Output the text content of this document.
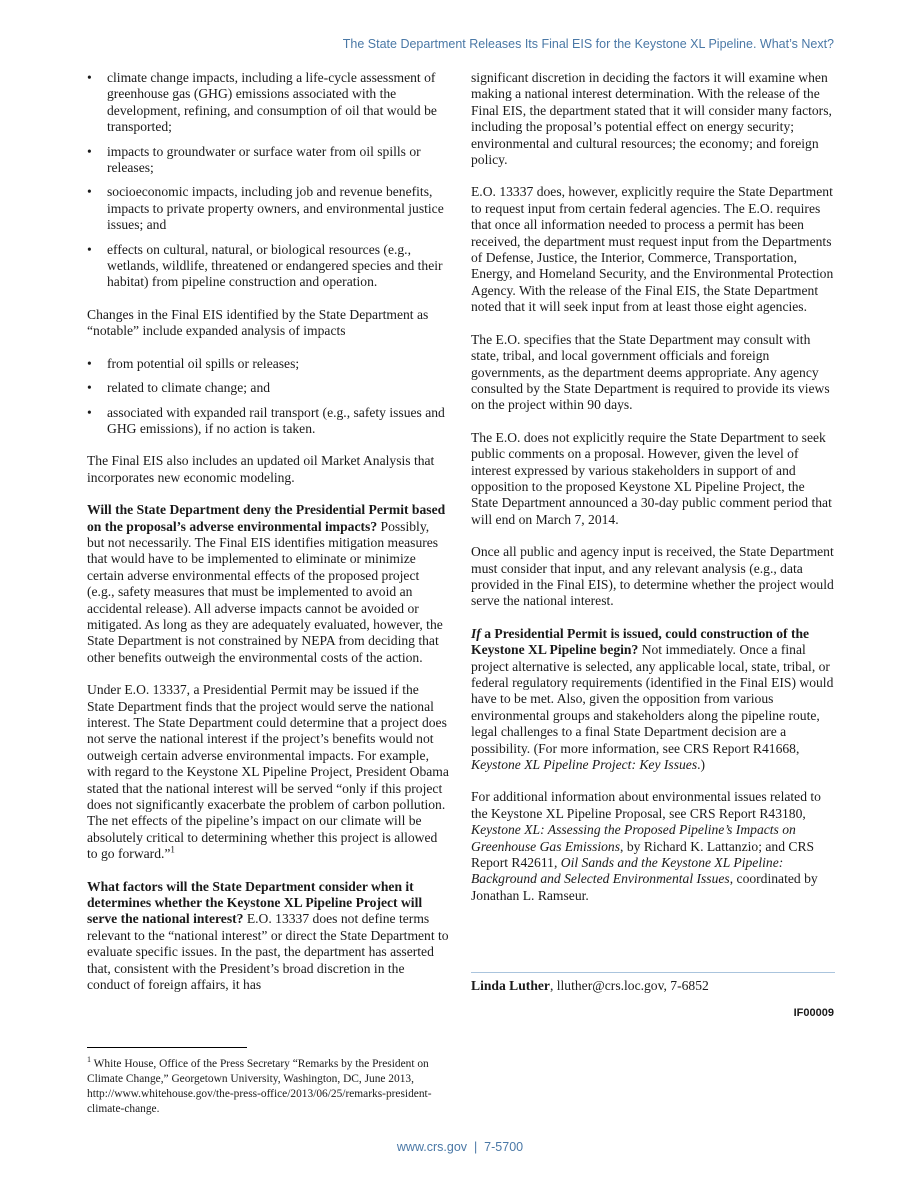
The State Department Releases Its Final EIS for the Keystone XL Pipeline. What’s Next?
• climate change impacts, including a life-cycle assessment of greenhouse gas (GHG) emissions associated with the development, refining, and consumption of oil that would be transported;
• impacts to groundwater or surface water from oil spills or releases;
• socioeconomic impacts, including job and revenue benefits, impacts to private property owners, and environmental justice issues; and
• effects on cultural, natural, or biological resources (e.g., wetlands, wildlife, threatened or endangered species and their habitat) from pipeline construction and operation.

Changes in the Final EIS identified by the State Department as “notable” include expanded analysis of impacts

• from potential oil spills or releases;
• related to climate change; and
• associated with expanded rail transport (e.g., safety issues and GHG emissions), if no action is taken.

The Final EIS also includes an updated oil Market Analysis that incorporates new economic modeling.

Will the State Department deny the Presidential Permit based on the proposal’s adverse environmental impacts? Possibly, but not necessarily. The Final EIS identifies mitigation measures that would have to be implemented to eliminate or minimize certain adverse environmental effects of the proposed project (e.g., safety measures that must be implemented to avoid an accidental release). All adverse impacts cannot be avoided or mitigated. As long as they are adequately evaluated, however, the State Department is not constrained by NEPA from deciding that other benefits outweigh the environmental costs of the action.

Under E.O. 13337, a Presidential Permit may be issued if the State Department finds that the project would serve the national interest. The State Department could determine that a project does not serve the national interest if the project’s benefits would not outweigh certain adverse environmental impacts. For example, with regard to the Keystone XL Pipeline Project, President Obama stated that the national interest will be served “only if this project does not significantly exacerbate the problem of carbon pollution. The net effects of the pipeline’s impact on our climate will be absolutely critical to determining whether this project is allowed to go forward.”$^1$

What factors will the State Department consider when it determines whether the Keystone XL Pipeline Project will serve the national interest? E.O. 13337 does not define terms relevant to the “national interest” or direct the State Department to evaluate specific issues. In the past, the department has asserted that, consistent with the President’s broad discretion in the conduct of foreign affairs, it has

significant discretion in deciding the factors it will examine when making a national interest determination. With the release of the Final EIS, the department stated that it will consider many factors, including the proposal’s potential effect on energy security; environmental and cultural resources; the economy; and foreign policy.

E.O. 13337 does, however, explicitly require the State Department to request input from certain federal agencies. The E.O. requires that once all information needed to process a permit has been received, the department must request input from the Departments of Defense, Justice, the Interior, Commerce, Transportation, Energy, and Homeland Security, and the Environmental Protection Agency. With the release of the Final EIS, the State Department noted that it will seek input from at least those eight agencies.

The E.O. specifies that the State Department may consult with state, tribal, and local government officials and foreign governments, as the department deems appropriate. Any agency consulted by the State Department is required to provide its views on the project within 90 days.

The E.O. does not explicitly require the State Department to seek public comments on a proposal. However, given the level of interest expressed by various stakeholders in support of and opposition to the proposed Keystone XL Pipeline Project, the State Department announced a 30-day public comment period that will end on March 7, 2014.

Once all public and agency input is received, the State Department must consider that input, and any relevant analysis (e.g., data provided in the Final EIS), to determine whether the project would serve the national interest.

If a Presidential Permit is issued, could construction of the Keystone XL Pipeline begin? Not immediately. Once a final project alternative is selected, any applicable local, state, tribal, or federal regulatory requirements (identified in the Final EIS) would have to be met. Also, given the opposition from various environmental groups and stakeholders along the pipeline route, legal challenges to a final State Department decision are a possibility. (For more information, see CRS Report R41668, Keystone XL Pipeline Project: Key Issues.)

For additional information about environmental issues related to the Keystone XL Pipeline Proposal, see CRS Report R43180, Keystone XL: Assessing the Proposed Pipeline’s Impacts on Greenhouse Gas Emissions, by Richard K. Lattanzio; and CRS Report R42611, Oil Sands and the Keystone XL Pipeline: Background and Selected Environmental Issues, coordinated by Jonathan L. Ramseur.

Linda Luther, lluther@crs.loc.gov, 7-6852
IF00009
$^1$ White House, Office of the Press Secretary “Remarks by the President on Climate Change,” Georgetown University, Washington, DC, June 2013, http://www.whitehouse.gov/the-press-office/2013/06/25/remarks-president-climate-change.
www.crs.gov  |  7-5700
